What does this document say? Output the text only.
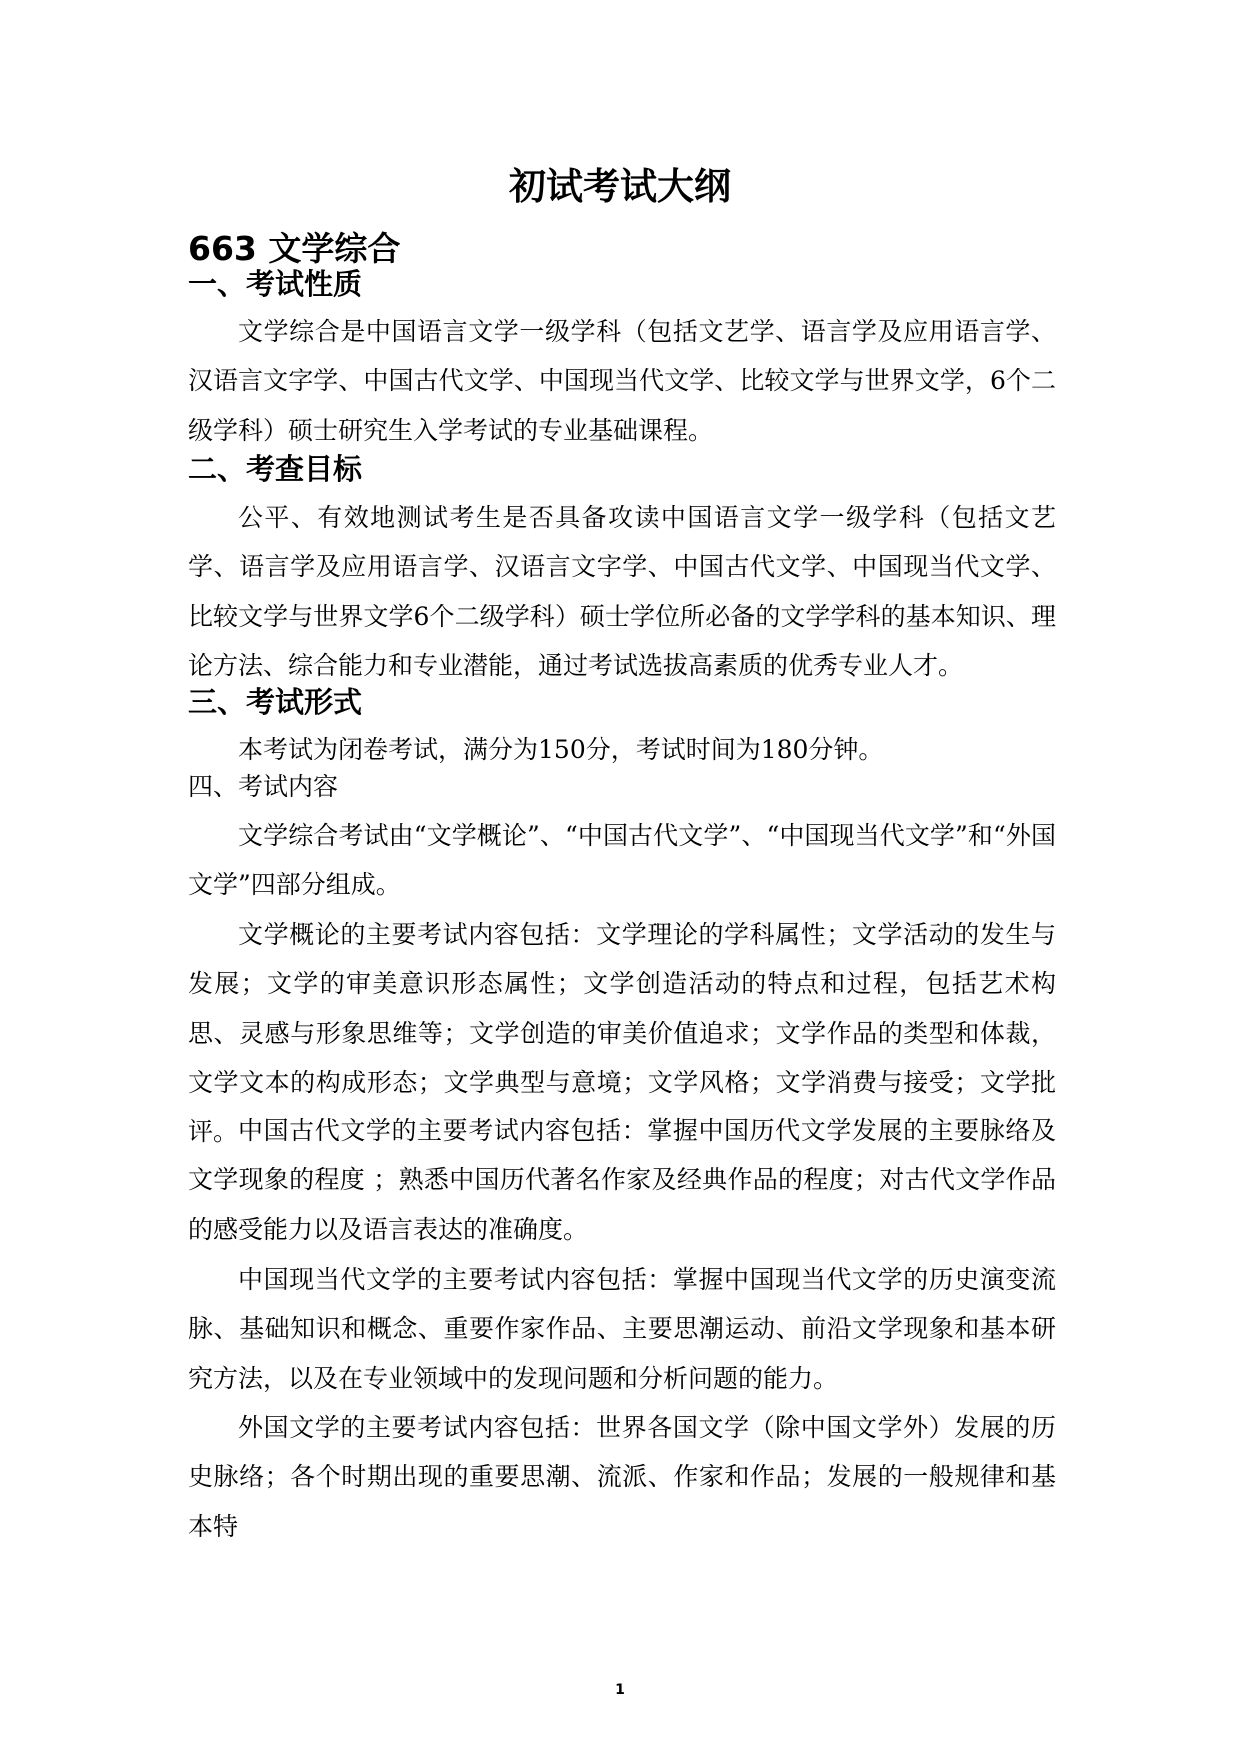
初试考试大纲
663 文学综合
一、考试性质

文学综合是中国语言文学一级学科（包括文艺学、语言学及应用语言学、汉语言文字学、中国古代文学、中国现当代文学、比较文学与世界文学，6个二级学科）硕士研究生入学考试的专业基础课程。

二、考查目标

公平、有效地测试考生是否具备攻读中国语言文学一级学科（包括文艺学、语言学及应用语言学、汉语言文字学、中国古代文学、中国现当代文学、比较文学与世界文学6个二级学科）硕士学位所必备的文学学科的基本知识、理论方法、综合能力和专业潜能，通过考试选拔高素质的优秀专业人才。

三、考试形式

本考试为闭卷考试，满分为150分，考试时间为180分钟。

四、考试内容

文学综合考试由“文学概论”、“中国古代文学”、“中国现当代文学”和“外国文学”四部分组成。

文学概论的主要考试内容包括：文学理论的学科属性；文学活动的发生与发展；文学的审美意识形态属性；文学创造活动的特点和过程，包括艺术构思、灵感与形象思维等；文学创造的审美价值追求；文学作品的类型和体裁，文学文本的构成形态；文学典型与意境；文学风格；文学消费与接受；文学批评。 中国古代文学的主要考试内容包括：掌握中国历代文学发展的主要脉络及文学现象的程度 ；熟悉中国历代著名作家及经典作品的程度；对古代文学作品的感受能力以及语言表达的准确度。

中国现当代文学的主要考试内容包括：掌握中国现当代文学的历史演变流脉、基础知识和概念、重要作家作品、主要思潮运动、前沿文学现象和基本研究方法，以及在专业领域中的发现问题和分析问题的能力。

外国文学的主要考试内容包括：世界各国文学（除中国文学外）发展的历史脉络；各个时期出现的重要思潮、流派、作家和作品；发展的一般规律和基本特

1
